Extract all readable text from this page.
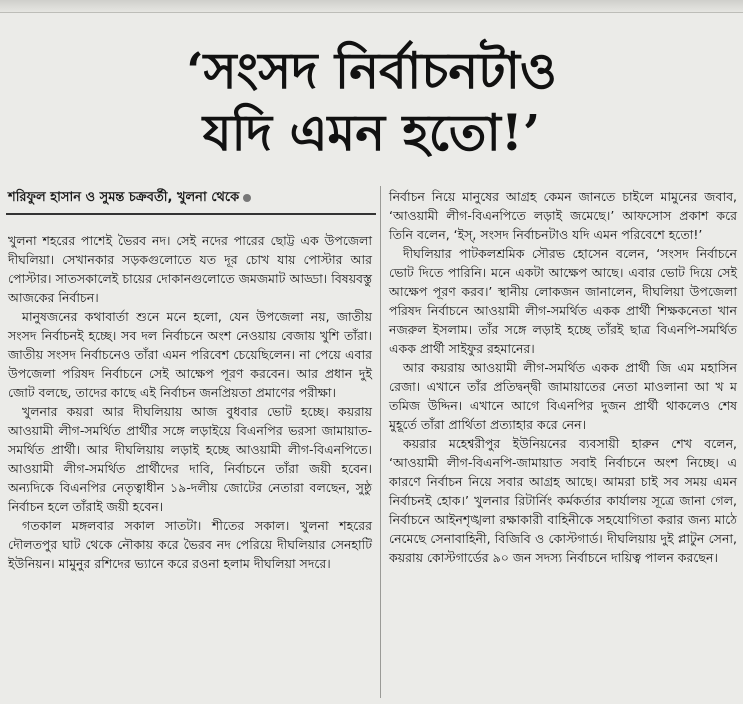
‘সংসদ নির্বাচনটাও
যদি এমন হতো!’
শরিফুল হাসান ও সুমন্ত চক্রবর্তী, খুলনা থেকে

খুলনা শহরের পাশেই ভৈরব নদ। সেই নদের পারের ছোট্ট এক উপজেলা দীঘলিয়া। সেখানকার সড়কগুলোতে যত দূর চোখ যায় পোস্টার আর পোস্টার। সাতসকালেই চায়ের দোকানগুলোতে জমজমাট আড্ডা। বিষয়বস্তু আজকের নির্বাচন।

মানুষজনের কথাবার্তা শুনে মনে হলো, যেন উপজেলা নয়, জাতীয় সংসদ নির্বাচনই হচ্ছে। সব দল নির্বাচনে অংশ নেওয়ায় বেজায় খুশি তাঁরা। জাতীয় সংসদ নির্বাচনেও তাঁরা এমন পরিবেশ চেয়েছিলেন। না পেয়ে এবার উপজেলা পরিষদ নির্বাচনে সেই আক্ষেপ পূরণ করবেন। আর প্রধান দুই জোট বলছে, তাদের কাছে এই নির্বাচন জনপ্রিয়তা প্রমাণের পরীক্ষা।

খুলনার কয়রা আর দীঘলিয়ায় আজ বুধবার ভোট হচ্ছে। কয়রায় আওয়ামী লীগ-সমর্থিত প্রার্থীর সঙ্গে লড়াইয়ে বিএনপির ভরসা জামায়াত-সমর্থিত প্রার্থী। আর দীঘলিয়ায় লড়াই হচ্ছে আওয়ামী লীগ-বিএনপিতে। আওয়ামী লীগ-সমর্থিত প্রার্থীদের দাবি, নির্বাচনে তাঁরা জয়ী হবেন। অন্যদিকে বিএনপির নেতৃত্বাধীন ১৯-দলীয় জোটের নেতারা বলছেন, সুষ্ঠু নির্বাচন হলে তাঁরাই জয়ী হবেন।

গতকাল মঙ্গলবার সকাল সাতটা। শীতের সকাল। খুলনা শহরের দৌলতপুর ঘাট থেকে নৌকায় করে ভৈরব নদ পেরিয়ে দীঘলিয়ার সেনহাটি ইউনিয়ন। মামুনুর রশিদের ভ্যানে করে রওনা হলাম দীঘলিয়া সদরে।

নির্বাচন নিয়ে মানুষের আগ্রহ কেমন জানতে চাইলে মামুনের জবাব, ‘আওয়ামী লীগ-বিএনপিতে লড়াই জমেছে।’ আফসোস প্রকাশ করে তিনি বলেন, ‘ইস্, সংসদ নির্বাচনটাও যদি এমন পরিবেশে হতো!’

দীঘলিয়ার পাটকলশ্রমিক সৌরভ হোসেন বলেন, ‘সংসদ নির্বাচনে ভোট দিতে পারিনি। মনে একটা আক্ষেপ আছে। এবার ভোট দিয়ে সেই আক্ষেপ পূরণ করব।’ স্থানীয় লোকজন জানালেন, দীঘলিয়া উপজেলা পরিষদ নির্বাচনে আওয়ামী লীগ-সমর্থিত একক প্রার্থী শিক্ষকনেতা খান নজরুল ইসলাম। তাঁর সঙ্গে লড়াই হচ্ছে তাঁরই ছাত্র বিএনপি-সমর্থিত একক প্রার্থী সাইফুর রহমানের।

আর কয়রায় আওয়ামী লীগ-সমর্থিত একক প্রার্থী জি এম মহাসিন রেজা। এখানে তাঁর প্রতিদ্বন্দ্বী জামায়াতের নেতা মাওলানা আ খ ম তমিজ উদ্দিন। এখানে আগে বিএনপির দুজন প্রার্থী থাকলেও শেষ মুহূর্তে তাঁরা প্রার্থিতা প্রত্যাহার করে নেন।

কয়রার মহেশ্বরীপুর ইউনিয়নের ব্যবসায়ী হারুন শেখ বলেন, ‘আওয়ামী লীগ-বিএনপি-জামায়াত সবাই নির্বাচনে অংশ নিচ্ছে। এ কারণে নির্বাচন নিয়ে সবার আগ্রহ আছে। আমরা চাই সব সময় এমন নির্বাচনই হোক।’ খুলনার রিটার্নিং কর্মকর্তার কার্যালয় সূত্রে জানা গেল, নির্বাচনে আইনশৃঙ্খলা রক্ষাকারী বাহিনীকে সহযোগিতা করার জন্য মাঠে নেমেছে সেনাবাহিনী, বিজিবি ও কোস্টগার্ড। দীঘলিয়ায় দুই প্লাটুন সেনা, কয়রায় কোস্টগার্ডের ৯০ জন সদস্য নির্বাচনে দায়িত্ব পালন করছেন।
